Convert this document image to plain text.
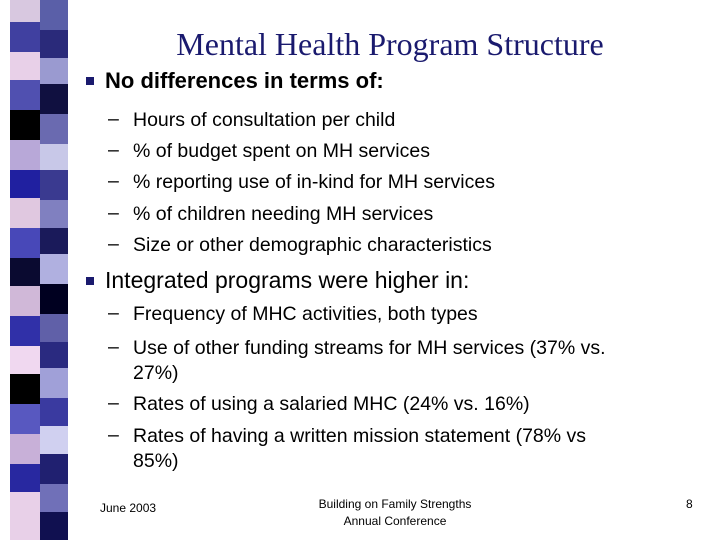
Mental Health Program Structure
No differences in terms of:
– Hours of consultation per child
– % of budget spent on MH services
– % reporting use of in-kind for MH services
– % of children needing MH services
– Size or other demographic characteristics
Integrated programs were higher in:
– Frequency of MHC activities, both types
– Use of other funding streams for MH services (37% vs.
27%)
– Rates of using a salaried MHC (24% vs. 16%)
– Rates of having a written mission statement (78% vs
85%)
June 2003	Building on Family Strengths
Annual Conference
8
